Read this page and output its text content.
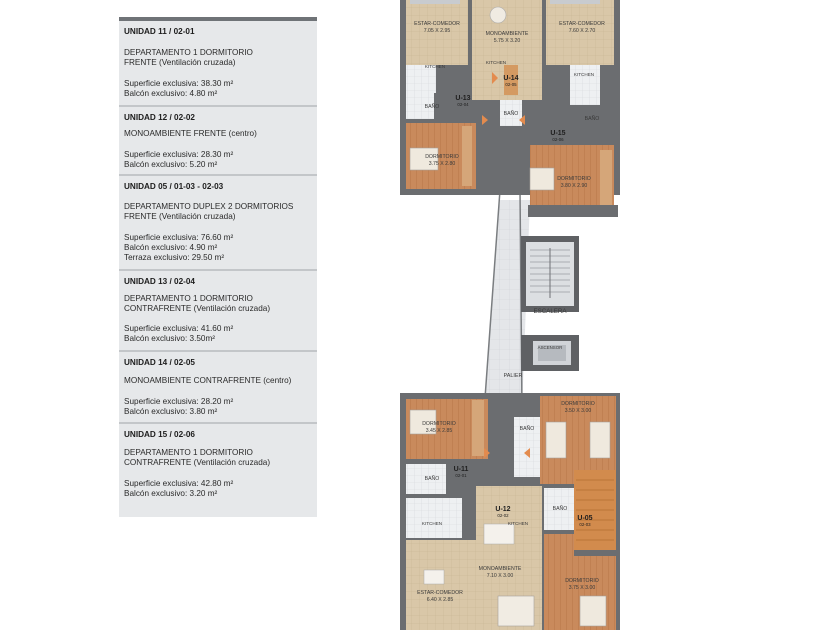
UNIDAD 11 / 02-01
DEPARTAMENTO 1 DORMITORIO
FRENTE (Ventilación cruzada)
Superficie exclusiva: 38.30 m²
Balcón exclusivo: 4.80 m²
UNIDAD 12 / 02-02
MONOAMBIENTE FRENTE (centro)
Superficie exclusiva: 28.30 m²
Balcón exclusivo: 5.20 m²
UNIDAD 05 / 01-03 - 02-03
DEPARTAMENTO DUPLEX 2 DORMITORIOS
FRENTE (Ventilación cruzada)
Superficie exclusiva: 76.60 m²
Balcón exclusivo: 4.90 m²
Terraza exclusivo: 29.50 m²
UNIDAD 13 / 02-04
DEPARTAMENTO 1 DORMITORIO
CONTRAFRENTE (Ventilación cruzada)
Superficie exclusiva: 41.60 m²
Balcón exclusivo: 3.50m²
UNIDAD 14 / 02-05
MONOAMBIENTE CONTRAFRENTE (centro)
Superficie exclusiva: 28.20 m²
Balcón exclusivo: 3.80 m²
UNIDAD 15 / 02-06
DEPARTAMENTO 1 DORMITORIO
CONTRAFRENTE (Ventilación cruzada)
Superficie exclusiva: 42.80 m²
Balcón exclusivo: 3.20 m²
ESTAR-COMEDOR
7.05 X 2.95	MONOAMBIENTE
5.75 X 3.20
ESTAR-COMEDOR
7.60 X 2.70
KITCHEN
KITCHEN
KITCHEN
BAÑO
BAÑO
BAÑO
DORMITORIO
3.75 X 2.80
DORMITORIO
3.80 X 2.90
ESCALERA
ASCENSOR
PALIER
DORMITORIO
3.45 X 2.85
DORMITORIO
3.50 X 3.00
BAÑO
BAÑO
BAÑO
KITCHEN	KITCHEN
MONOAMBIENTE
7.10 X 3.00
ESTAR-COMEDOR
6.40 X 2.85
DORMITORIO
3.75 X 3.00
U-13
02-04
U-14
02-05
U-15
02-06
U-11
02-01
U-12
02-02	U-05
02-03
